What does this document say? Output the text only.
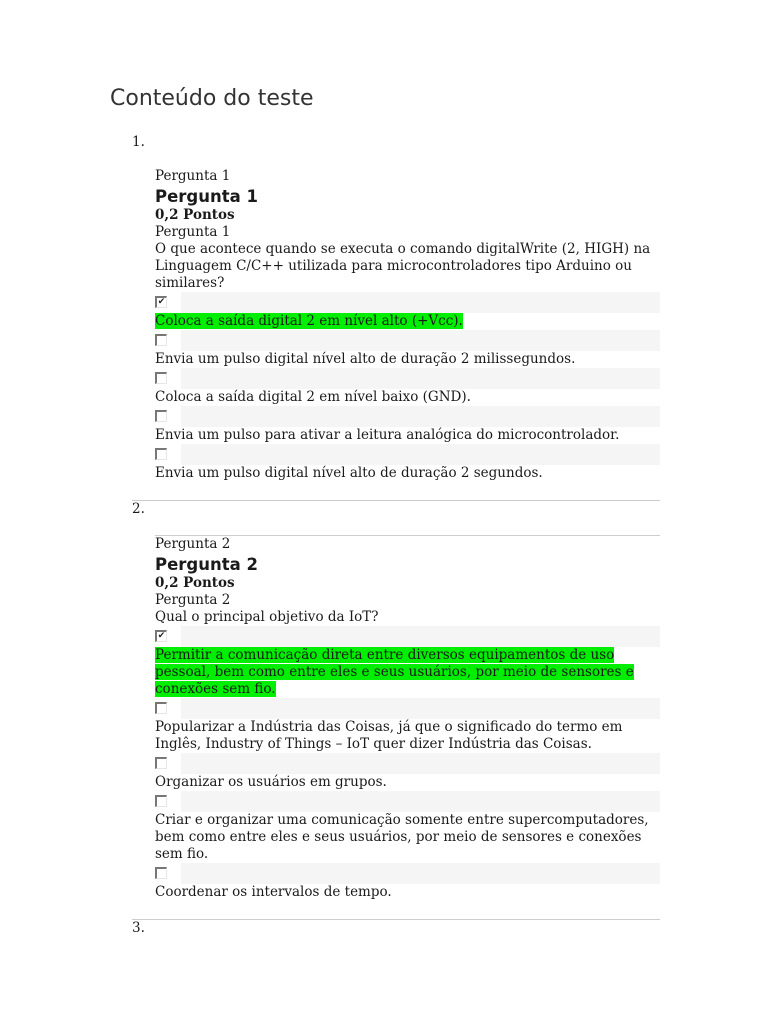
Conteúdo do teste
1.
Pergunta 1
Pergunta 1
0,2 Pontos
Pergunta 1
O que acontece quando se executa o comando digitalWrite (2, HIGH) na Linguagem C/C++ utilizada para microcontroladores tipo Arduino ou similares?
✔
Coloca a saída digital 2 em nível alto (+Vcc).
Envia um pulso digital nível alto de duração 2 milissegundos.
Coloca a saída digital 2 em nível baixo (GND).
Envia um pulso para ativar a leitura analógica do microcontrolador.
Envia um pulso digital nível alto de duração 2 segundos.
2.
Pergunta 2
Pergunta 2
0,2 Pontos
Pergunta 2
Qual o principal objetivo da IoT?
✔
Permitir a comunicação direta entre diversos equipamentos de uso pessoal, bem como entre eles e seus usuários, por meio de sensores e conexões sem fio.
Popularizar a Indústria das Coisas, já que o significado do termo em Inglês, Industry of Things – IoT quer dizer Indústria das Coisas.
Organizar os usuários em grupos.
Criar e organizar uma comunicação somente entre supercomputadores, bem como entre eles e seus usuários, por meio de sensores e conexões sem fio.
Coordenar os intervalos de tempo.
3.
